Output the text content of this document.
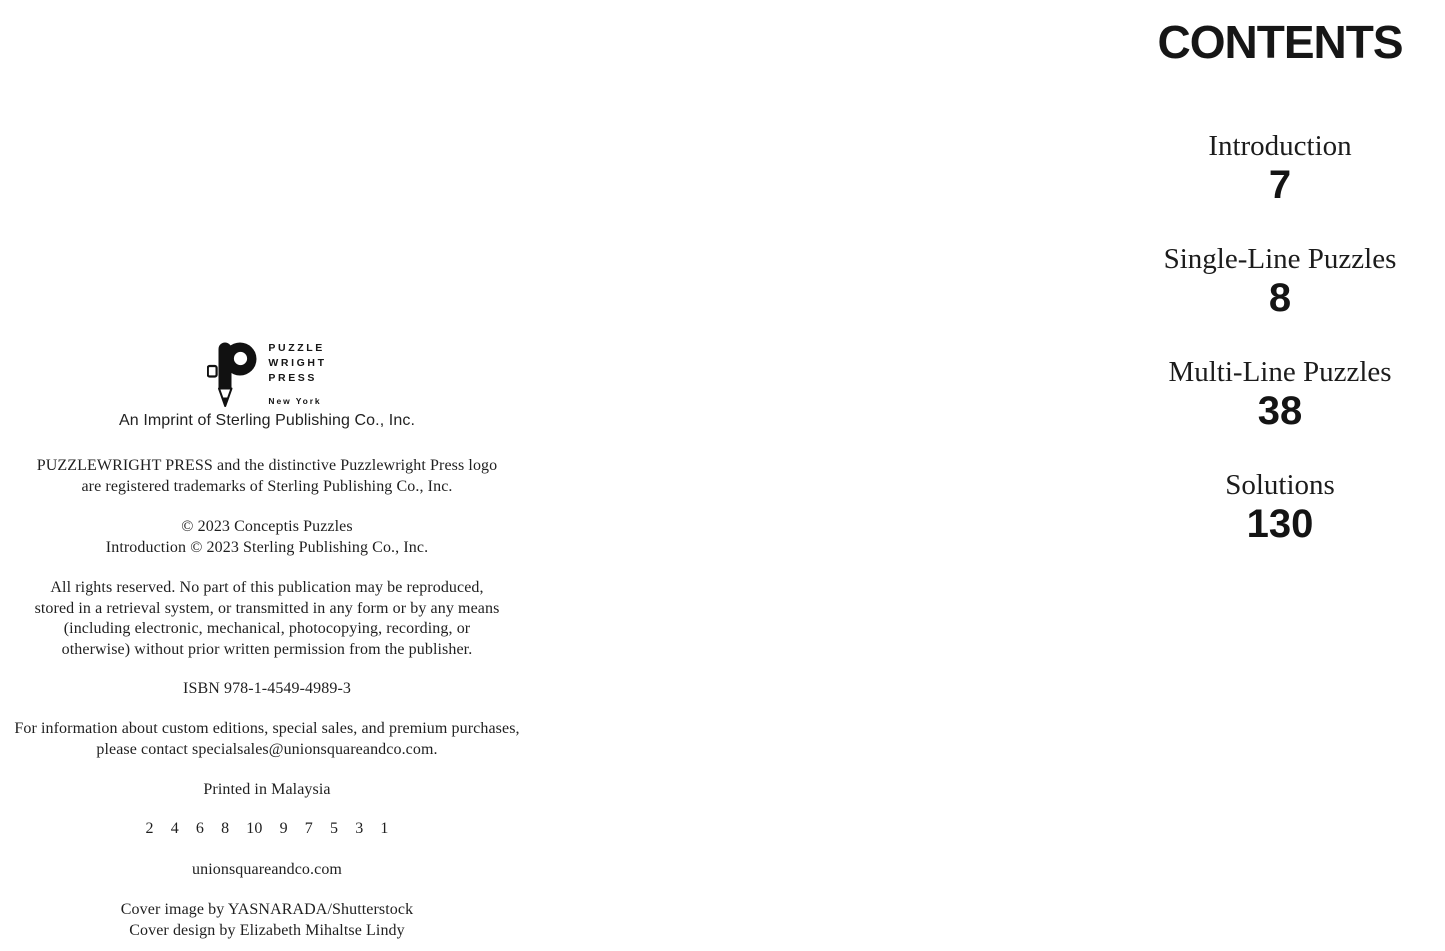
PUZZLE
WRIGHT
PRESS
New York
An Imprint of Sterling Publishing Co., Inc.
PUZZLEWRIGHT PRESS and the distinctive Puzzlewright Press logo
are registered trademarks of Sterling Publishing Co., Inc.
© 2023 Conceptis Puzzles
Introduction © 2023 Sterling Publishing Co., Inc.
All rights reserved. No part of this publication may be reproduced,
stored in a retrieval system, or transmitted in any form or by any means
(including electronic, mechanical, photocopying, recording, or
otherwise) without prior written permission from the publisher.
ISBN 978-1-4549-4989-3
For information about custom editions, special sales, and premium purchases,
please contact specialsales@unionsquareandco.com.
Printed in Malaysia
2 4 6 8 10 9 7 5 3 1
unionsquareandco.com
Cover image by YASNARADA/Shutterstock
Cover design by Elizabeth Mihaltse Lindy
CONTENTS
Introduction
7
Single-Line Puzzles
8
Multi-Line Puzzles
38
Solutions
130
